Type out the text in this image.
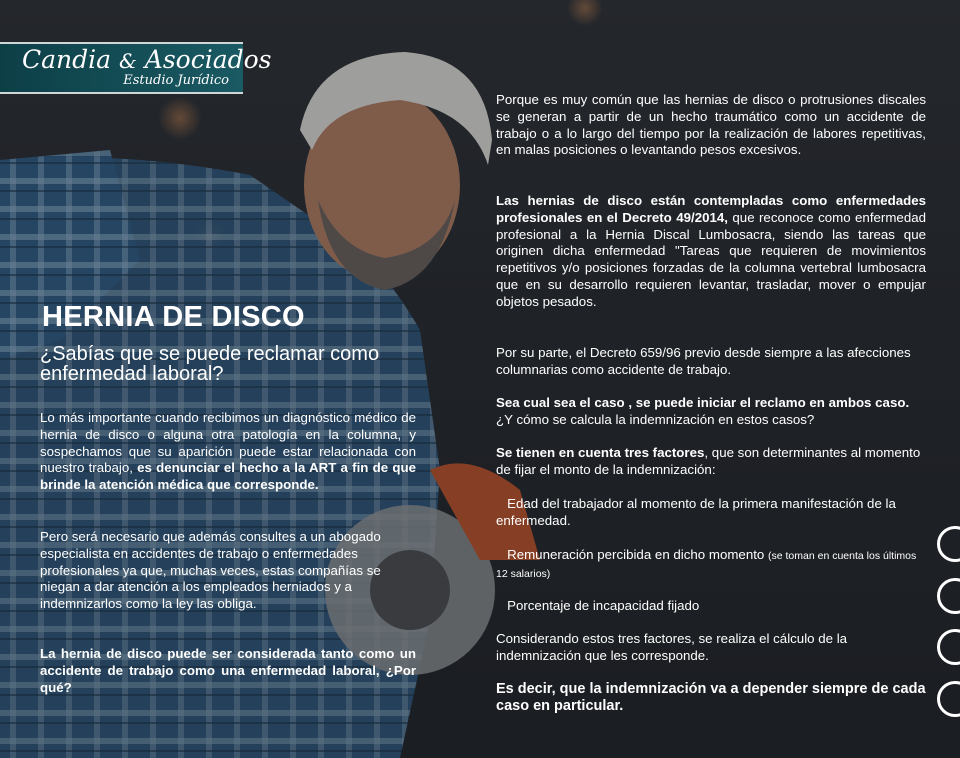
Candia & Asociados
Estudio Jurídico
HERNIA DE DISCO
¿Sabías que se puede reclamar como enfermedad laboral?

Lo más importante cuando recibimos un diagnóstico médico de hernia de disco o alguna otra patología en la columna, y sospechamos que su aparición puede estar relacionada con nuestro trabajo, es denunciar el hecho a la ART a fin de que brinde la atención médica que corresponde.

Pero será necesario que además consultes a un abogado especialista en accidentes de trabajo o enfermedades profesionales ya que, muchas veces, estas compañías se niegan a dar atención a los empleados herniados y a indemnizarlos como la ley las obliga.

La hernia de disco puede ser considerada tanto como un accidente de trabajo como una enfermedad laboral, ¿Por qué?

Porque es muy común que las hernias de disco o protrusiones discales se generan a partir de un hecho traumático como un accidente de trabajo o a lo largo del tiempo por la realización de labores repetitivas, en malas posiciones o levantando pesos excesivos.

Las hernias de disco están contempladas como enfermedades profesionales en el Decreto 49/2014, que reconoce como enfermedad profesional a la Hernia Discal Lumbosacra, siendo las tareas que originen dicha enfermedad "Tareas que requieren de movimientos repetitivos y/o posiciones forzadas de la columna vertebral lumbosacra que en su desarrollo requieren levantar, trasladar, mover o empujar objetos pesados.

Por su parte, el Decreto 659/96 previo desde siempre a las afecciones columnarias como accidente de trabajo.

Sea cual sea el caso , se puede iniciar el reclamo en ambos caso. ¿Y cómo se calcula la indemnización en estos casos?

Se tienen en cuenta tres factores, que son determinantes al momento de fijar el monto de la indemnización:

Edad del trabajador al momento de la primera manifestación de la enfermedad.

Remuneración percibida en dicho momento (se toman en cuenta los últimos 12 salarios)

Porcentaje de incapacidad fijado

Considerando estos tres factores, se realiza el cálculo de la indemnización que les corresponde.

Es decir, que la indemnización va a depender siempre de cada caso en particular.
